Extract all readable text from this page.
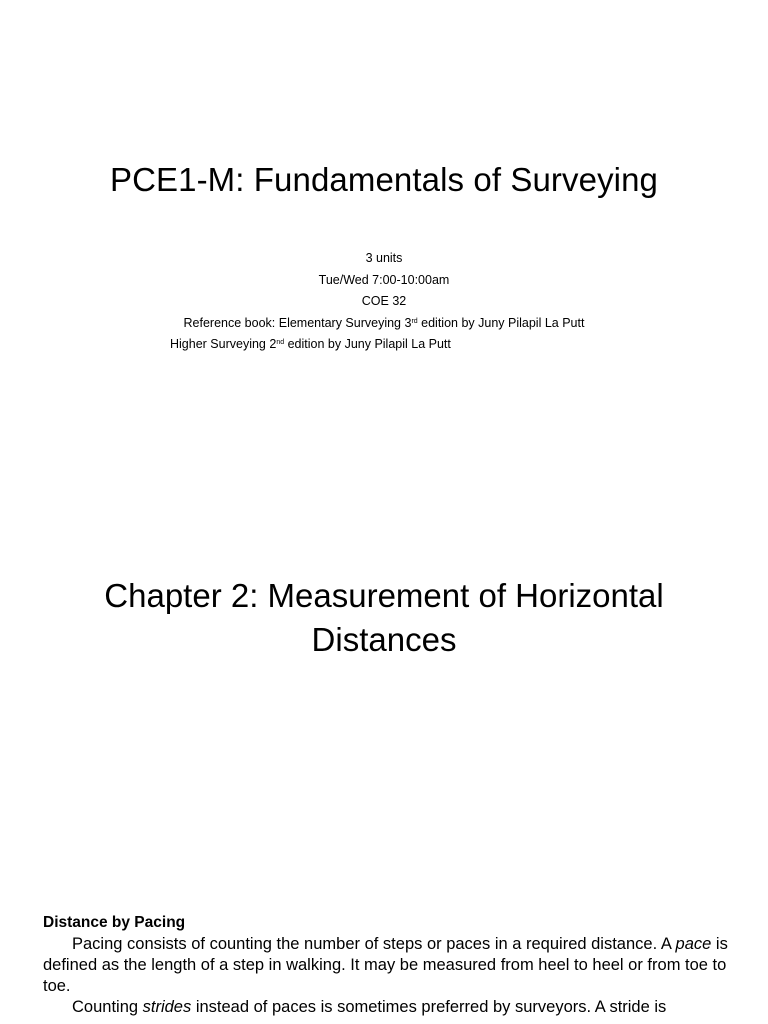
PCE1-M: Fundamentals of Surveying
3 units
Tue/Wed 7:00-10:00am
COE 32
Reference book: Elementary Surveying 3rd edition by Juny Pilapil La Putt
Higher Surveying 2nd edition by Juny Pilapil La Putt
Chapter 2: Measurement of Horizontal
Distances

Distance by Pacing

Pacing consists of counting the number of steps or paces in a required distance. A pace is defined as the length of a step in walking. It may be measured from heel to heel or from toe to toe.

Counting strides instead of paces is sometimes preferred by surveyors. A stride is
